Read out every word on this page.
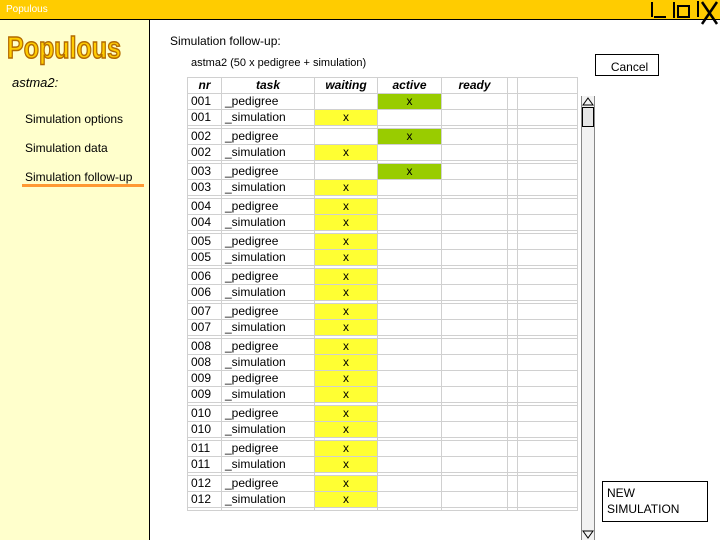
Populous
Populous
astma2:
Simulation options
Simulation data
Simulation follow-up
Simulation follow-up:
astma2 (50 x pedigree + simulation)	Cancel
nr	task	waiting	active	ready		
001	_pedigree		x			
001	_simulation	x				

002	_pedigree		x			
002	_simulation	x				

003	_pedigree		x			
003	_simulation	x				

004	_pedigree	x				
004	_simulation	x				

005	_pedigree	x				
005	_simulation	x				

006	_pedigree	x				
006	_simulation	x				

007	_pedigree	x				
007	_simulation	x				

008	_pedigree	x				
008	_simulation	x				
009	_pedigree	x				
009	_simulation	x				

010	_pedigree	x				
010	_simulation	x				

011	_pedigree	x				
011	_simulation	x				

012	_pedigree	x				
012	_simulation	x				
							NEW SIMULATION
